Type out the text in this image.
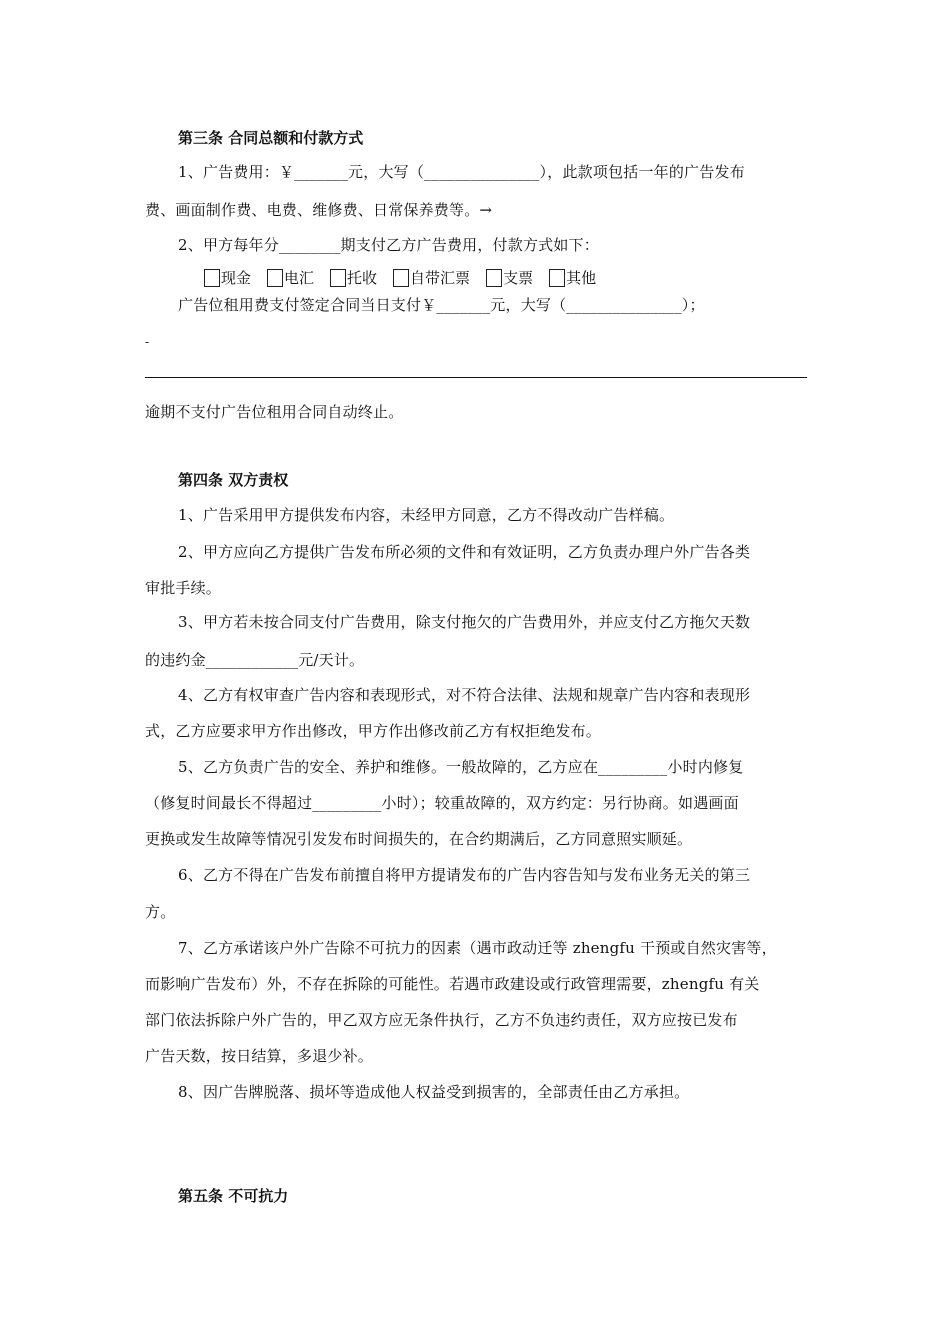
第三条 合同总额和付款方式
1、广告费用：￥_______元，大写（_______________），此款项包括一年的广告发布
费、画面制作费、电费、维修费、日常保养费等。→
2、甲方每年分________期支付乙方广告费用，付款方式如下：
现金 电汇 托收 自带汇票 支票 其他
广告位租用费支付签定合同当日支付￥_______元，大写（_______________）；
-
逾期不支付广告位租用合同自动终止。
第四条 双方责权
1、广告采用甲方提供发布内容，未经甲方同意，乙方不得改动广告样稿。
2、甲方应向乙方提供广告发布所必须的文件和有效证明，乙方负责办理户外广告各类
审批手续。
3、甲方若未按合同支付广告费用，除支付拖欠的广告费用外，并应支付乙方拖欠天数
的违约金____________元/天计。
4、乙方有权审查广告内容和表现形式，对不符合法律、法规和规章广告内容和表现形
式，乙方应要求甲方作出修改，甲方作出修改前乙方有权拒绝发布。
5、乙方负责广告的安全、养护和维修。一般故障的，乙方应在_________小时内修复
（修复时间最长不得超过_________小时）；较重故障的，双方约定：另行协商。如遇画面
更换或发生故障等情况引发发布时间损失的，在合约期满后，乙方同意照实顺延。
6、乙方不得在广告发布前擅自将甲方提请发布的广告内容告知与发布业务无关的第三
方。
7、乙方承诺该户外广告除不可抗力的因素（遇市政动迁等 zhengfu 干预或自然灾害等，
而影响广告发布）外，不存在拆除的可能性。若遇市政建设或行政管理需要，zhengfu 有关
部门依法拆除户外广告的，甲乙双方应无条件执行，乙方不负违约责任，双方应按已发布
广告天数，按日结算，多退少补。
8、因广告牌脱落、损坏等造成他人权益受到损害的，全部责任由乙方承担。
第五条 不可抗力
